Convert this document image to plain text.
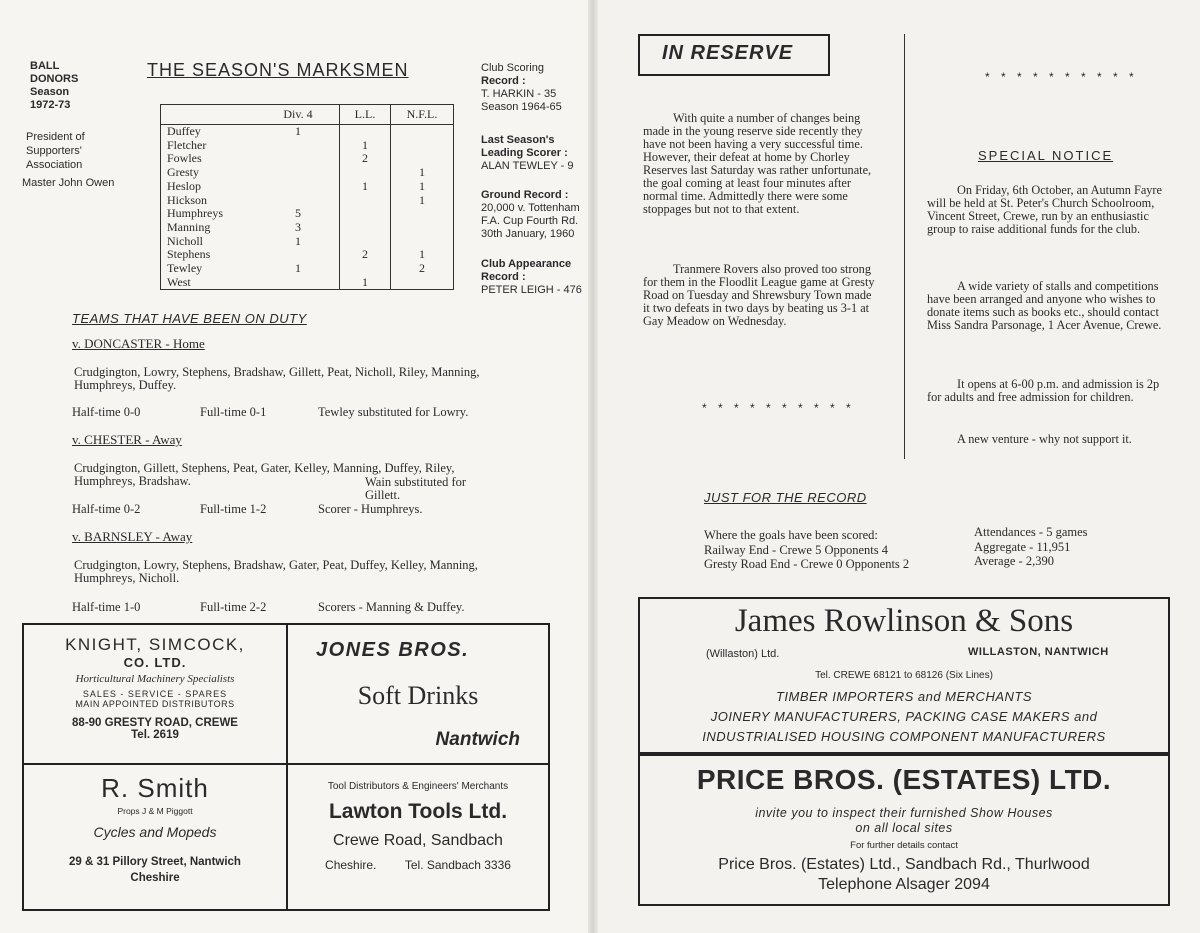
BALL
DONORS
Season
1972-73
President of
Supporters'
Association
Master John Owen
THE SEASON'S MARKSMEN
	Div. 4	L.L.	N.F.L.
Duffey	1		
Fletcher		1	
Fowles		2	
Gresty			1
Heslop		1	1
Hickson			1
Humphreys	5		
Manning	3		
Nicholl	1		
Stephens		2	1
Tewley	1		2
West		1	
Club Scoring
Record :
T. HARKIN - 35
Season 1964-65
Last Season's
Leading Scorer :
ALAN TEWLEY - 9
Ground Record :
20,000 v. Tottenham
F.A. Cup Fourth Rd.
30th January, 1960
Club Appearance
Record :
PETER LEIGH - 476
TEAMS THAT HAVE BEEN ON DUTY
v. DONCASTER - Home
Crudgington, Lowry, Stephens, Bradshaw, Gillett, Peat, Nicholl, Riley, Manning, Humphreys, Duffey.
Half-time 0-0	Full-time 0-1	Tewley substituted for Lowry.
v. CHESTER - Away
Crudgington, Gillett, Stephens, Peat, Gater, Kelley, Manning, Duffey, Riley, Humphreys, Bradshaw.	Wain substituted for Gillett.
Half-time 0-2	Full-time 1-2	Scorer - Humphreys.
v. BARNSLEY - Away
Crudgington, Lowry, Stephens, Bradshaw, Gater, Peat, Duffey, Kelley, Manning, Humphreys, Nicholl.
Half-time 1-0	Full-time 2-2	Scorers - Manning & Duffey.
KNIGHT, SIMCOCK,
CO. LTD.
Horticultural Machinery Specialists
SALES - SERVICE - SPARES
MAIN APPOINTED DISTRIBUTORS
88-90 GRESTY ROAD, CREWE
Tel. 2619
JONES BROS.
Soft Drinks
Nantwich
R. Smith
Props J & M Piggott
Cycles and Mopeds
29 & 31 Pillory Street, Nantwich
Cheshire
Tool Distributors & Engineers' Merchants
Lawton Tools Ltd.
Crewe Road, Sandbach
Cheshire. Tel. Sandbach 3336
IN RESERVE
With quite a number of changes being made in the young reserve side recently they have not been having a very successful time. However, their defeat at home by Chorley Reserves last Saturday was rather unfortunate, the goal coming at least four minutes after normal time. Admittedly there were some stoppages but not to that extent.
Tranmere Rovers also proved too strong for them in the Floodlit League game at Gresty Road on Tuesday and Shrewsbury Town made it two defeats in two days by beating us 3-1 at Gay Meadow on Wednesday.
* * * * * * * * * *
* * * * * * * * * *
SPECIAL NOTICE
On Friday, 6th October, an Autumn Fayre will be held at St. Peter's Church Schoolroom, Vincent Street, Crewe, run by an enthusiastic group to raise additional funds for the club.
A wide variety of stalls and competitions have been arranged and anyone who wishes to donate items such as books etc., should contact Miss Sandra Parsonage, 1 Acer Avenue, Crewe.
It opens at 6-00 p.m. and admission is 2p for adults and free admission for children.
A new venture - why not support it.
JUST FOR THE RECORD
Where the goals have been scored:
Railway End - Crewe 5 Opponents 4
Gresty Road End - Crewe 0 Opponents 2
Attendances - 5 games
Aggregate - 11,951
Average - 2,390
James Rowlinson & Sons
(Willaston) Ltd.	WILLASTON, NANTWICH
Tel. CREWE 68121 to 68126 (Six Lines)
TIMBER IMPORTERS and MERCHANTS
JOINERY MANUFACTURERS, PACKING CASE MAKERS and
INDUSTRIALISED HOUSING COMPONENT MANUFACTURERS
PRICE BROS. (ESTATES) LTD.
invite you to inspect their furnished Show Houses
on all local sites
For further details contact
Price Bros. (Estates) Ltd., Sandbach Rd., Thurlwood
Telephone Alsager 2094
